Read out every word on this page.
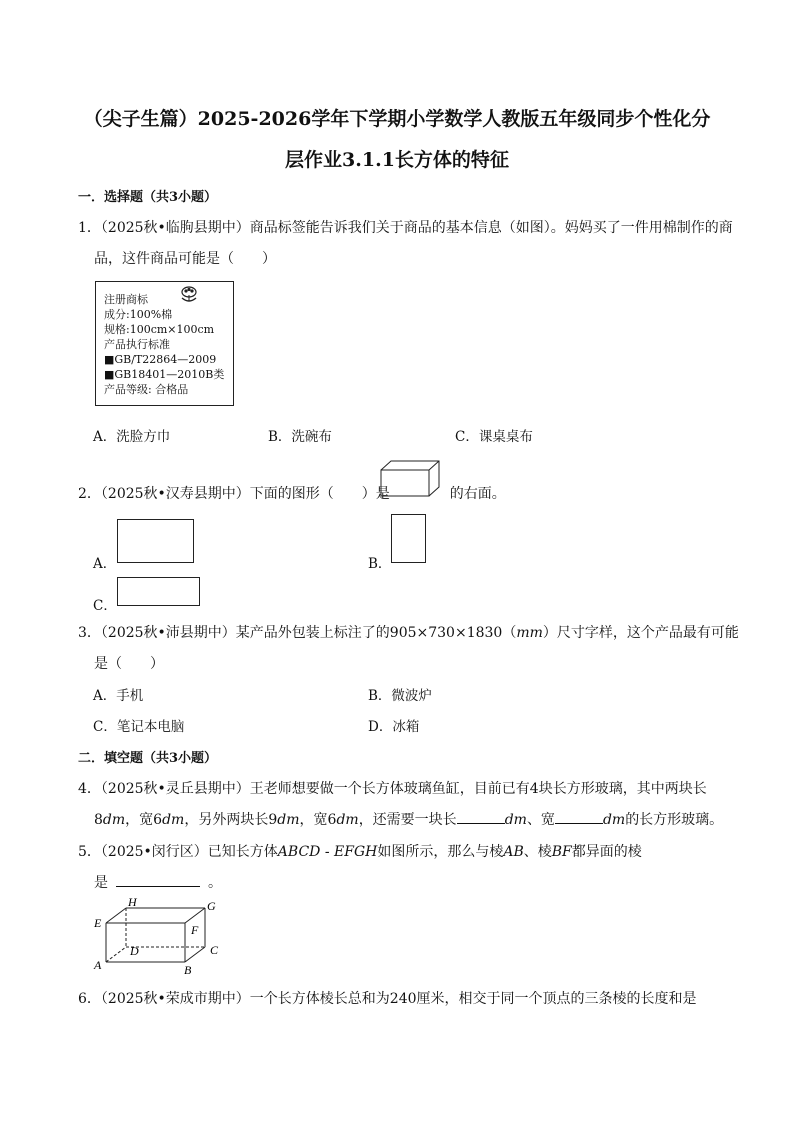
（尖子生篇）2025-2026学年下学期小学数学人教版五年级同步个性化分
层作业3.1.1长方体的特征
一．选择题（共3小题）
1．（2025秋•临朐县期中）商品标签能告诉我们关于商品的基本信息（如图）。妈妈买了一件用棉制作的商
品，这件商品可能是（　　）
注册商标
成分:100%棉
规格:100cm×100cm
产品执行标准
■GB/T22864—2009
■GB18401—2010B类
产品等级: 合格品
A．洗脸方巾	B．洗碗布	C．课桌桌布
2．（2025秋•汉寿县期中）下面的图形（　　）是	的右面。
A．	B．
C．
3．（2025秋•沛县期中）某产品外包装上标注了的905×730×1830（mm）尺寸字样，这个产品最有可能
是（　　）
A．手机	B．微波炉
C．笔记本电脑	D．冰箱
二．填空题（共3小题）
4．（2025秋•灵丘县期中）王老师想要做一个长方体玻璃鱼缸，目前已有4块长方形玻璃，其中两块长
8dm，宽6dm，另外两块长9dm，宽6dm，还需要一块长	dm、宽	dm的长方形玻璃。
5．（2025•闵行区）已知长方体ABCD - EFGH如图所示，那么与棱AB、棱BF都异面的棱
是	。
H	G
E	F
D	C
A	B
6．（2025秋•荣成市期中）一个长方体棱长总和为240厘米，相交于同一个顶点的三条棱的长度和是
